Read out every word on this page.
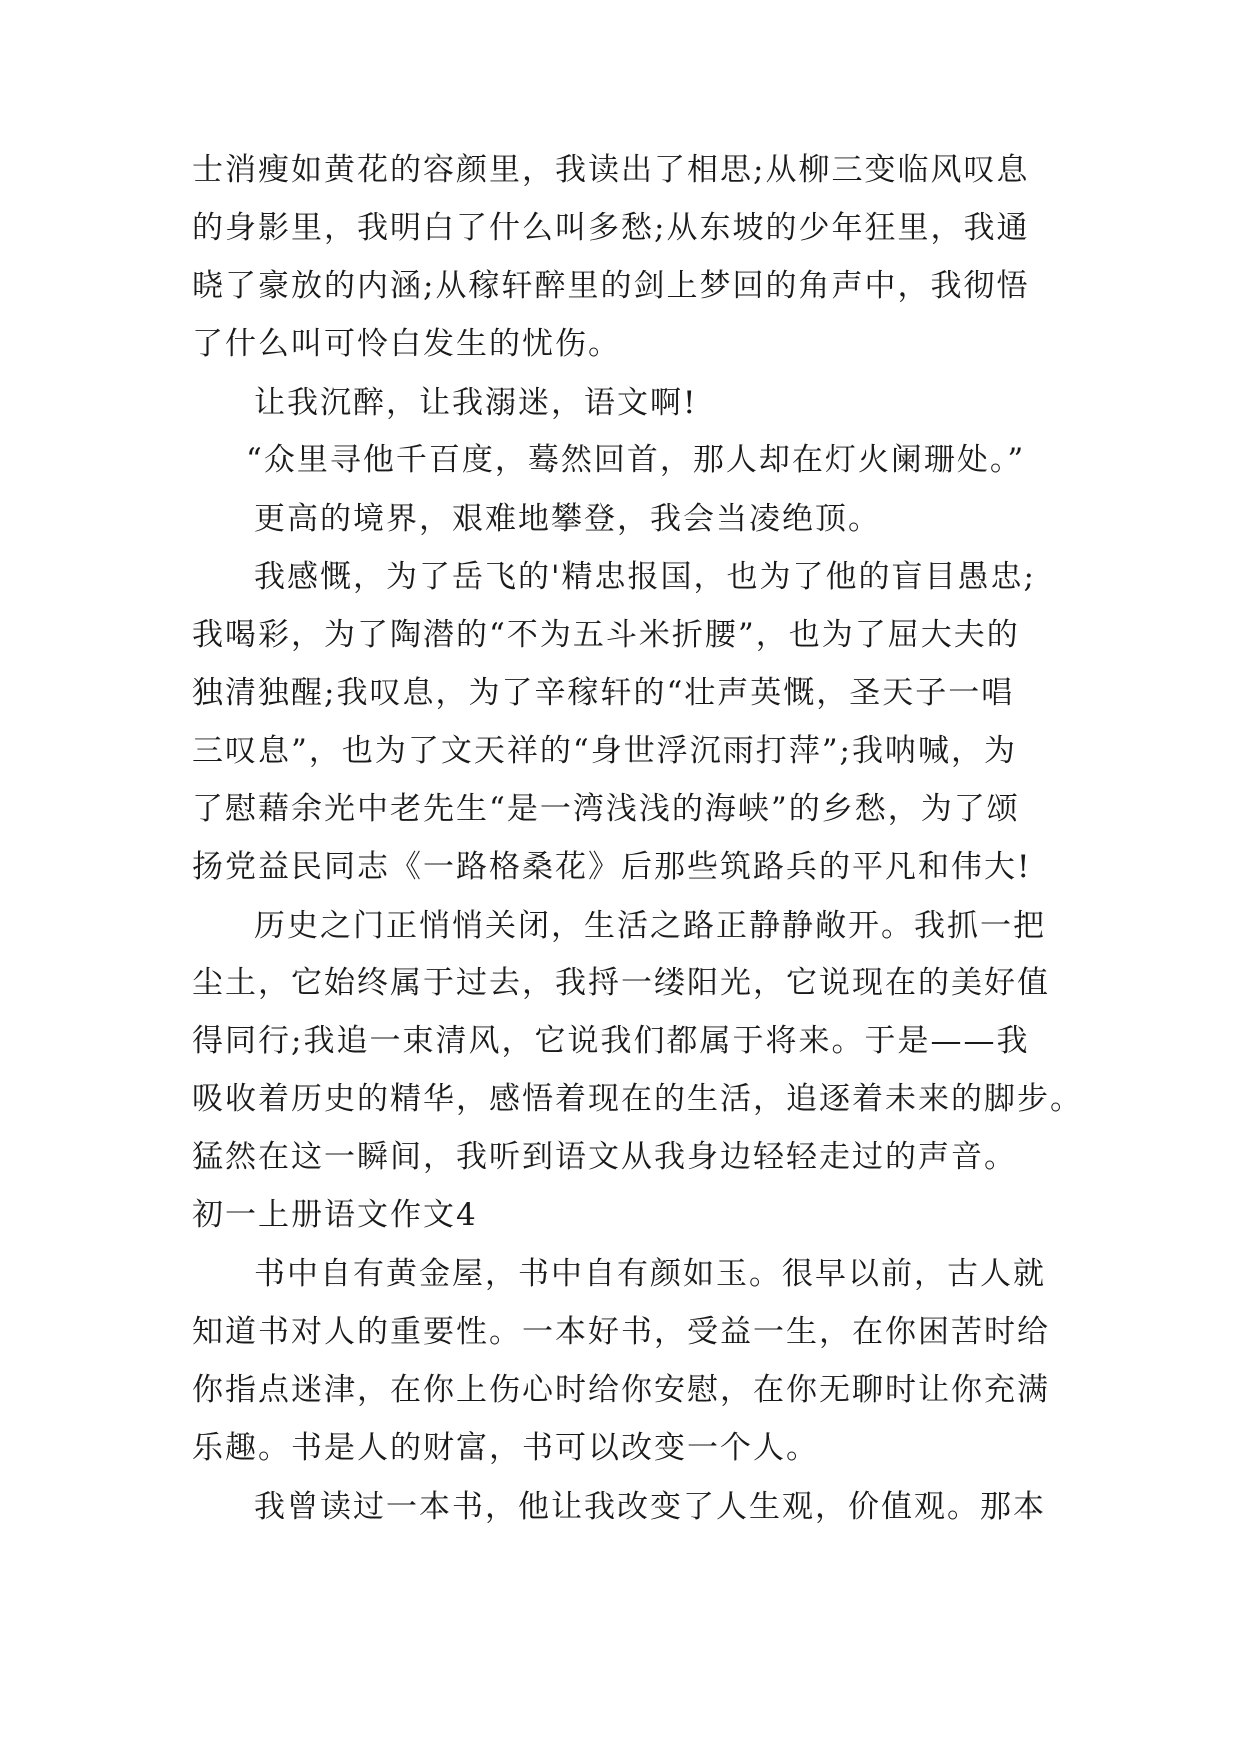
士消瘦如黄花的容颜里，我读出了相思;从柳三变临风叹息
的身影里，我明白了什么叫多愁;从东坡的少年狂里，我通
晓了豪放的内涵;从稼轩醉里的剑上梦回的角声中，我彻悟
了什么叫可怜白发生的忧伤。
让我沉醉，让我溺迷，语文啊!
“众里寻他千百度，蓦然回首，那人却在灯火阑珊处。”
更高的境界，艰难地攀登，我会当凌绝顶。
我感慨，为了岳飞的'精忠报国，也为了他的盲目愚忠;
我喝彩，为了陶潜的“不为五斗米折腰”，也为了屈大夫的
独清独醒;我叹息，为了辛稼轩的“壮声英慨，圣天子一唱
三叹息”，也为了文天祥的“身世浮沉雨打萍”;我呐喊，为
了慰藉余光中老先生“是一湾浅浅的海峡”的乡愁，为了颂
扬党益民同志《一路格桑花》后那些筑路兵的平凡和伟大!
历史之门正悄悄关闭，生活之路正静静敞开。我抓一把
尘土，它始终属于过去，我捋一缕阳光，它说现在的美好值
得同行;我追一束清风，它说我们都属于将来。于是——我
吸收着历史的精华，感悟着现在的生活，追逐着未来的脚步。
猛然在这一瞬间，我听到语文从我身边轻轻走过的声音。
初一上册语文作文4
书中自有黄金屋，书中自有颜如玉。很早以前，古人就
知道书对人的重要性。一本好书，受益一生，在你困苦时给
你指点迷津，在你上伤心时给你安慰，在你无聊时让你充满
乐趣。书是人的财富，书可以改变一个人。
我曾读过一本书，他让我改变了人生观，价值观。那本
